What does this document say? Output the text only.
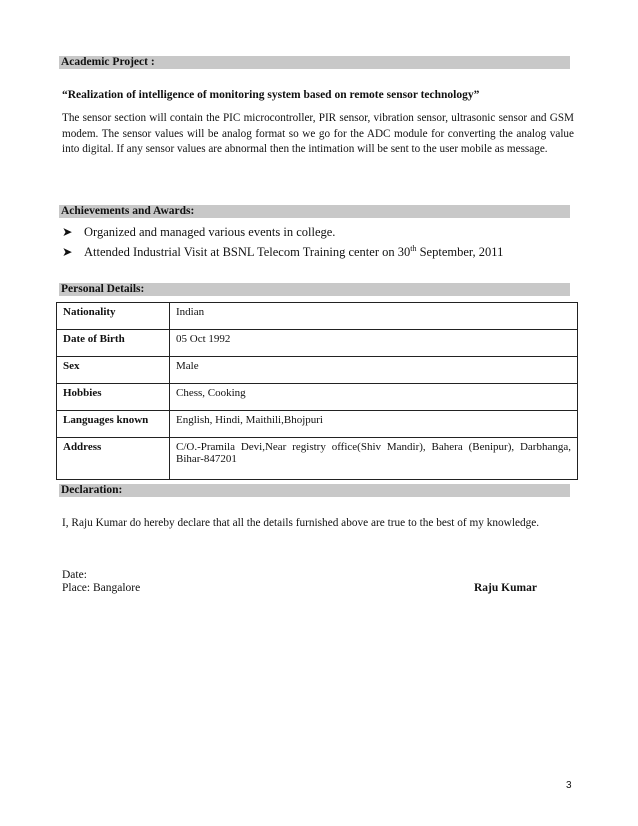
Academic Project :
“Realization of intelligence of monitoring system based on remote sensor technology”
The sensor section will contain the PIC microcontroller, PIR sensor, vibration sensor, ultrasonic sensor and GSM modem. The sensor values will be analog format so we go for the ADC module for converting the analog value into digital. If any sensor values are abnormal then the intimation will be sent to the user mobile as message.
Achievements and Awards:
➤ Organized and managed various events in college.
➤ Attended Industrial Visit at BSNL Telecom Training center on 30th September, 2011
Personal Details:
Nationality	Indian
Date of Birth	05 Oct 1992
Sex	Male
Hobbies	Chess, Cooking
Languages known	English, Hindi, Maithili,Bhojpuri
Address	C/O.-Pramila Devi,Near registry office(Shiv Mandir), Bahera (Benipur), Darbhanga, Bihar-847201
Declaration:
I, Raju Kumar do hereby declare that all the details furnished above are true to the best of my knowledge.
Date:
Place: Bangalore	Raju Kumar
3
